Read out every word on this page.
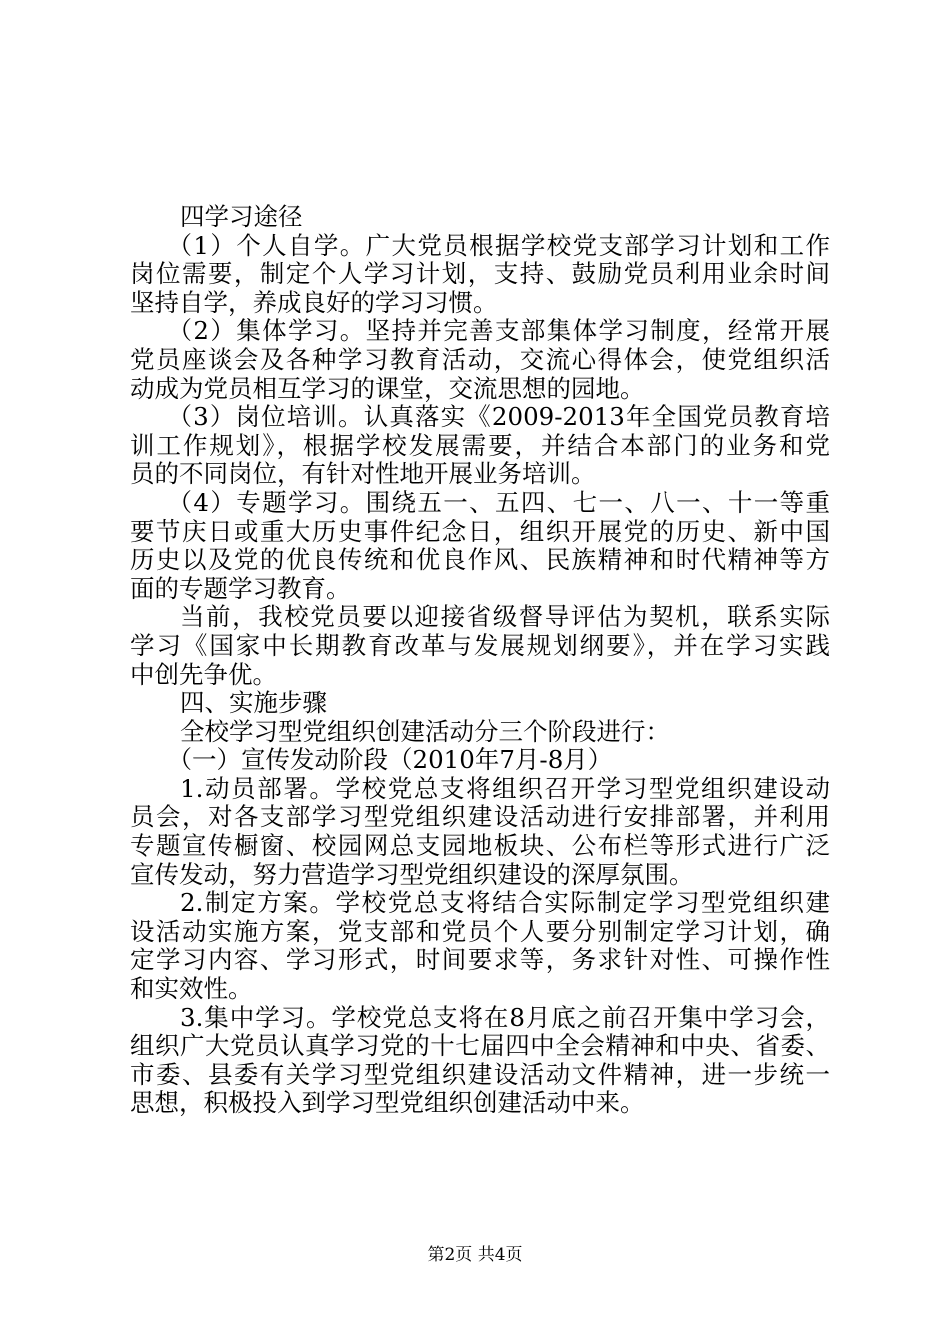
四学习途径
（1）个人自学。广大党员根据学校党支部学习计划和工作
岗位需要，制定个人学习计划，支持、鼓励党员利用业余时间
坚持自学，养成良好的学习习惯。
（2）集体学习。坚持并完善支部集体学习制度，经常开展
党员座谈会及各种学习教育活动，交流心得体会，使党组织活
动成为党员相互学习的课堂，交流思想的园地。
（3）岗位培训。认真落实《2009-2013年全国党员教育培
训工作规划》，根据学校发展需要，并结合本部门的业务和党
员的不同岗位，有针对性地开展业务培训。
（4）专题学习。围绕五一、五四、七一、八一、十一等重
要节庆日或重大历史事件纪念日，组织开展党的历史、新中国
历史以及党的优良传统和优良作风、民族精神和时代精神等方
面的专题学习教育。
当前，我校党员要以迎接省级督导评估为契机，联系实际
学习《国家中长期教育改革与发展规划纲要》，并在学习实践
中创先争优。
四、实施步骤
全校学习型党组织创建活动分三个阶段进行：
（一）宣传发动阶段（2010年7月-8月）
1.动员部署。学校党总支将组织召开学习型党组织建设动
员会，对各支部学习型党组织建设活动进行安排部署，并利用
专题宣传橱窗、校园网总支园地板块、公布栏等形式进行广泛
宣传发动，努力营造学习型党组织建设的深厚氛围。
2.制定方案。学校党总支将结合实际制定学习型党组织建
设活动实施方案，党支部和党员个人要分别制定学习计划，确
定学习内容、学习形式，时间要求等，务求针对性、可操作性
和实效性。
3.集中学习。学校党总支将在8月底之前召开集中学习会，
组织广大党员认真学习党的十七届四中全会精神和中央、省委、
市委、县委有关学习型党组织建设活动文件精神，进一步统一
思想，积极投入到学习型党组织创建活动中来。
第2页 共4页
